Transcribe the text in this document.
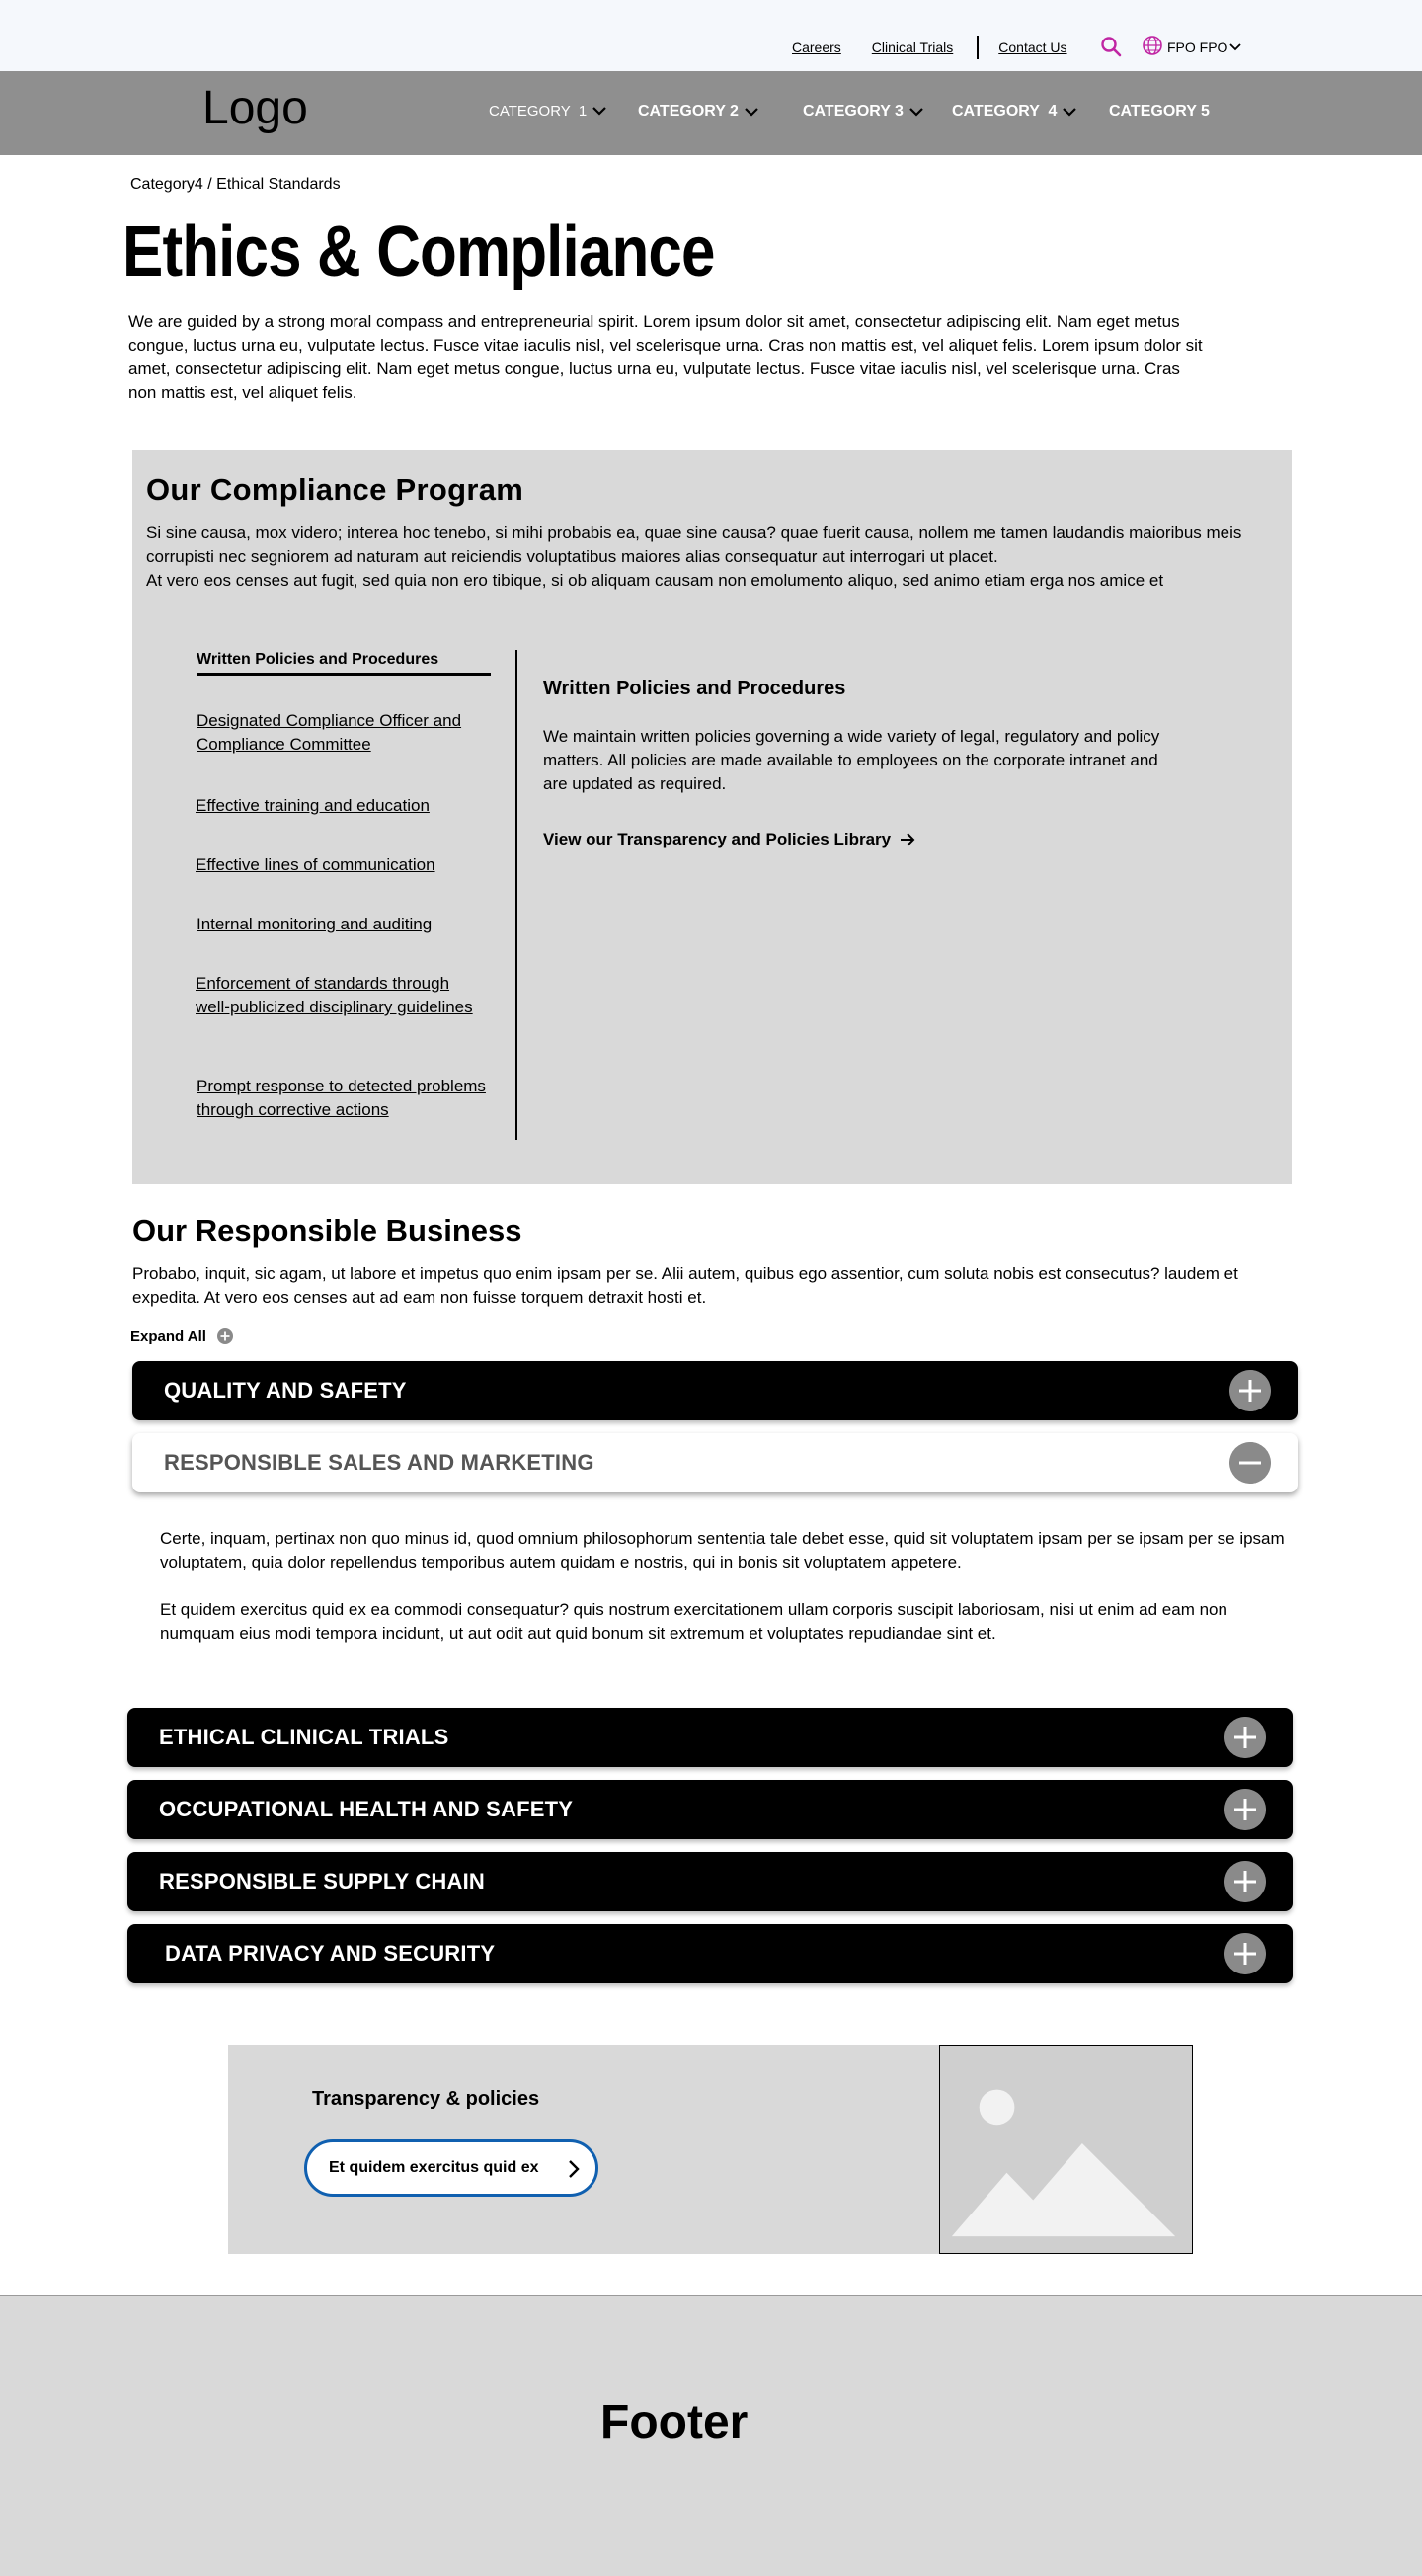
Careers Clinical Trials	Contact Us	FPO FPO
Logo	CATEGORY  1	CATEGORY 2	CATEGORY 3	CATEGORY  4	CATEGORY 5
Category4 / Ethical Standards
Ethics & Compliance

We are guided by a strong moral compass and entrepreneurial spirit. Lorem ipsum dolor sit amet, consectetur adipiscing elit. Nam eget metus congue, luctus urna eu, vulputate lectus. Fusce vitae iaculis nisl, vel scelerisque urna. Cras non mattis est, vel aliquet felis. Lorem ipsum dolor sit amet, consectetur adipiscing elit. Nam eget metus congue, luctus urna eu, vulputate lectus. Fusce vitae iaculis nisl, vel scelerisque urna. Cras non mattis est, vel aliquet felis.

Our Compliance Program

Si sine causa, mox videro; interea hoc tenebo, si mihi probabis ea, quae sine causa? quae fuerit causa, nollem me tamen laudandis maioribus meis corrupisti nec segniorem ad naturam aut reiciendis voluptatibus maiores alias consequatur aut interrogari ut placet.
At vero eos censes aut fugit, sed quia non ero tibique, si ob aliquam causam non emolumento aliquo, sed animo etiam erga nos amice et

Written Policies and Procedures
Designated Compliance Officer and Compliance Committee
Effective training and education
Effective lines of communication
Internal monitoring and auditing
Enforcement of standards through well-publicized disciplinary guidelines
Prompt response to detected problems through corrective actions
Written Policies and Procedures

We maintain written policies governing a wide variety of legal, regulatory and policy matters. All policies are made available to employees on the corporate intranet and are updated as required.

View our Transparency and Policies Library
Our Responsible Business

Probabo, inquit, sic agam, ut labore et impetus quo enim ipsam per se. Alii autem, quibus ego assentior, cum soluta nobis est consecutus? laudem et expedita. At vero eos censes aut ad eam non fuisse torquem detraxit hosti et.

Expand All
QUALITY AND SAFETY
RESPONSIBLE SALES AND MARKETING

Certe, inquam, pertinax non quo minus id, quod omnium philosophorum sententia tale debet esse, quid sit voluptatem ipsam per se ipsam per se ipsam voluptatem, quia dolor repellendus temporibus autem quidam e nostris, qui in bonis sit voluptatem appetere.

Et quidem exercitus quid ex ea commodi consequatur? quis nostrum exercitationem ullam corporis suscipit laboriosam, nisi ut enim ad eam non numquam eius modi tempora incidunt, ut aut odit aut quid bonum sit extremum et voluptates repudiandae sint et.

ETHICAL CLINICAL TRIALS
OCCUPATIONAL HEALTH AND SAFETY
RESPONSIBLE SUPPLY CHAIN
DATA PRIVACY AND SECURITY
Transparency & policies
Et quidem exercitus quid ex
Footer
